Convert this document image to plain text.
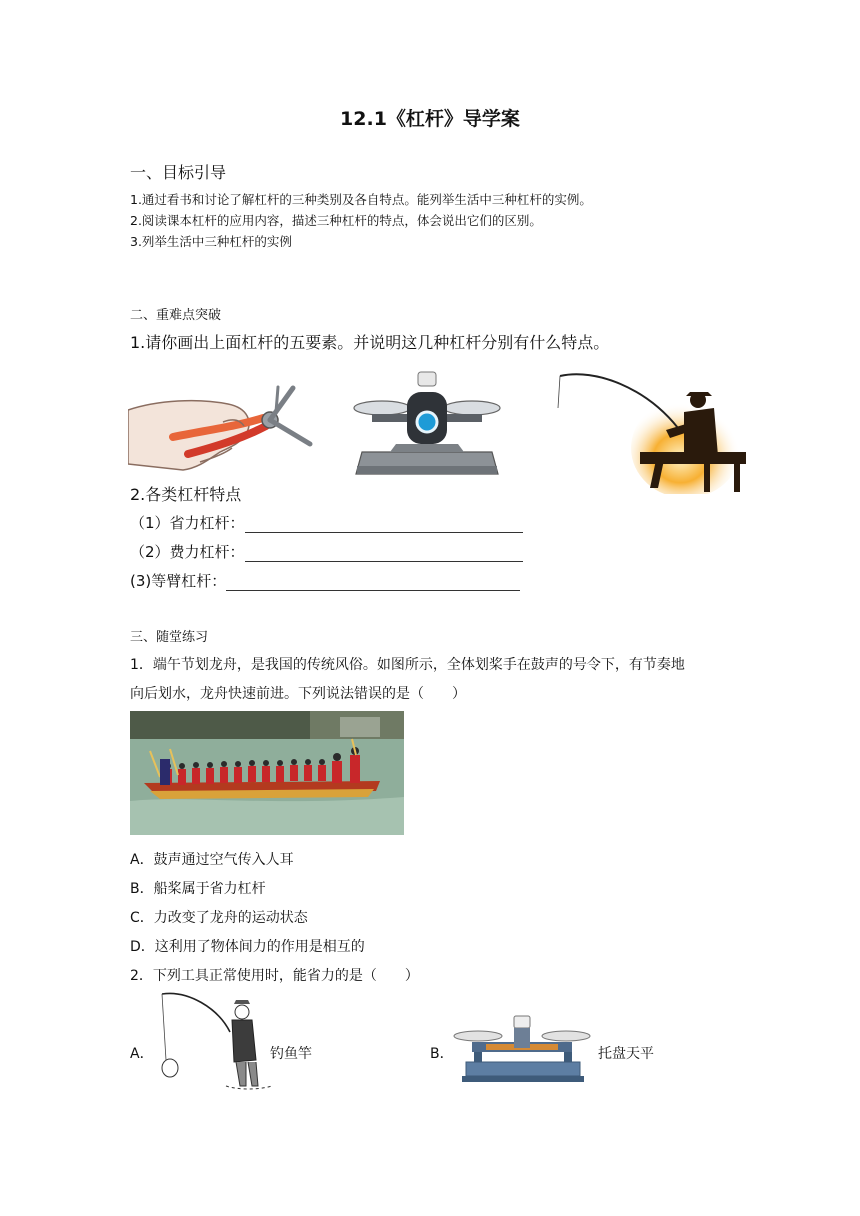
12.1《杠杆》导学案
一、目标引导
1.通过看书和讨论了解杠杆的三种类别及各自特点。能列举生活中三种杠杆的实例。
2.阅读课本杠杆的应用内容，描述三种杠杆的特点，体会说出它们的区别。
3.列举生活中三种杠杆的实例
二、重难点突破
1.请你画出上面杠杆的五要素。并说明这几种杠杆分别有什么特点。
2.各类杠杆特点
（1）省力杠杆：
（2）费力杠杆：
(3)等臂杠杆：
三、随堂练习
1．端午节划龙舟，是我国的传统风俗。如图所示，全体划桨手在鼓声的号令下，有节奏地
向后划水，龙舟快速前进。下列说法错误的是（　　）
A．鼓声通过空气传入人耳
B．船桨属于省力杠杆
C．力改变了龙舟的运动状态
D．这利用了物体间力的作用是相互的
2．下列工具正常使用时，能省力的是（　　）
A．	钓鱼竿	B．	托盘天平
